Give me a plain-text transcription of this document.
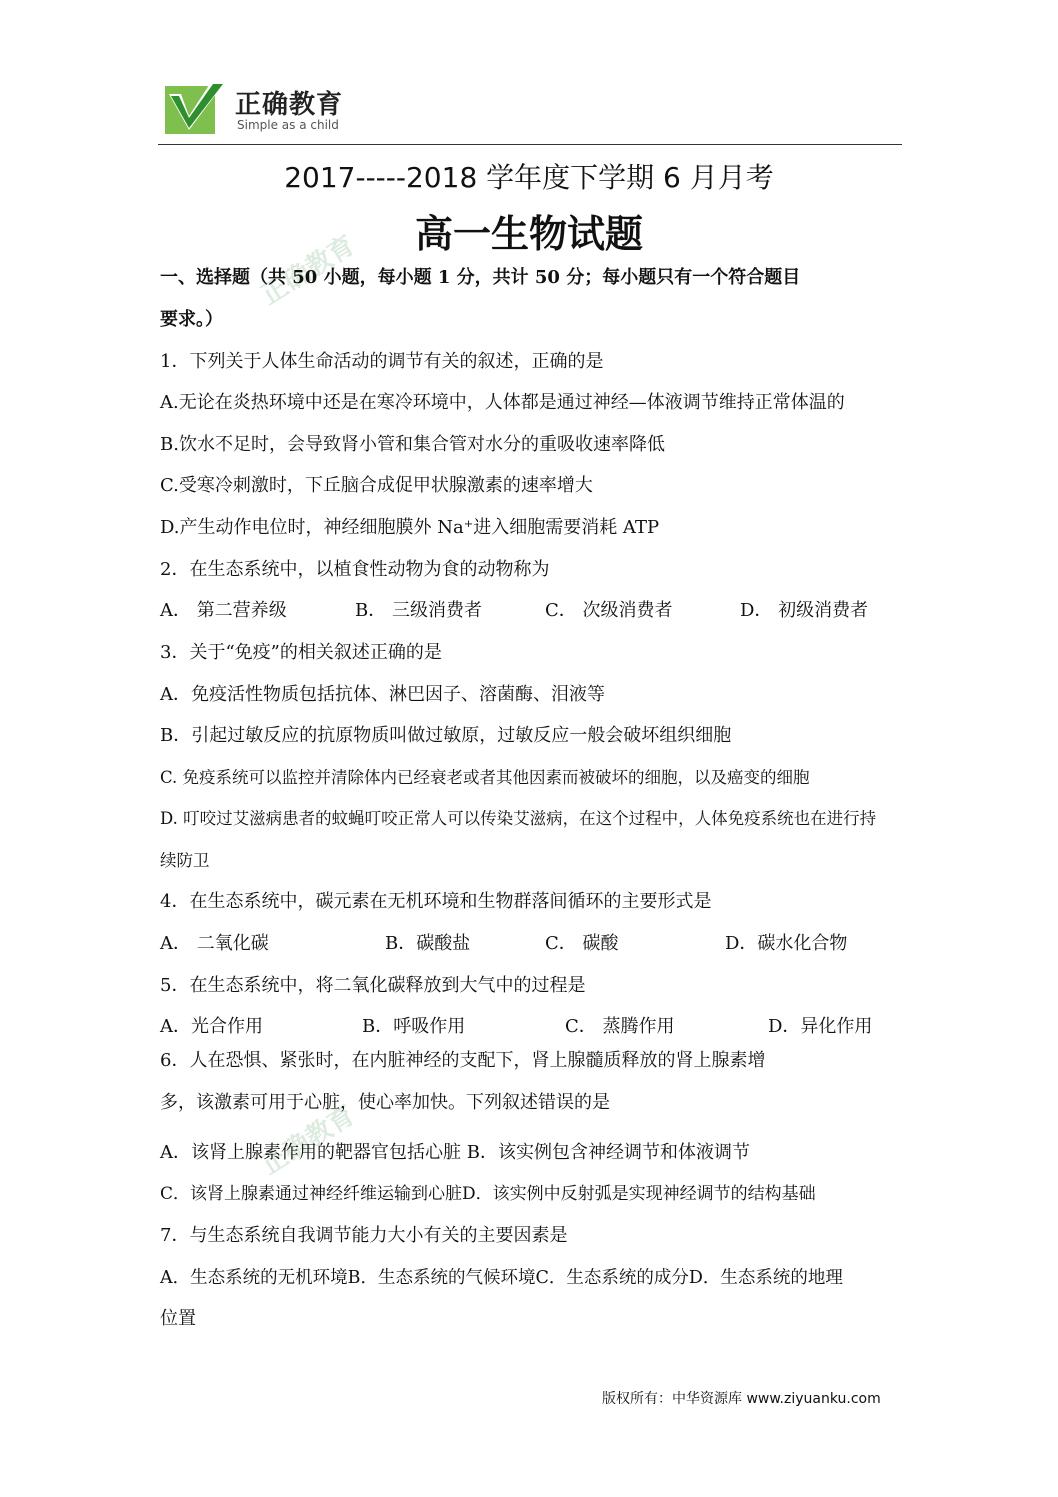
正确教育
Simple as a child
2017-----2018 学年度下学期 6 月月考
高一生物试题
正确教育
正确教育
一、选择题（共 50 小题，每小题 1 分，共计 50 分；每小题只有一个符合题目
要求。）
1．下列关于人体生命活动的调节有关的叙述，正确的是
A.无论在炎热环境中还是在寒冷环境中，人体都是通过神经—体液调节维持正常体温的
B.饮水不足时，会导致肾小管和集合管对水分的重吸收速率降低
C.受寒冷刺激时，下丘脑合成促甲状腺激素的速率增大
D.产生动作电位时，神经细胞膜外 Na⁺进入细胞需要消耗 ATP
2．在生态系统中，以植食性动物为食的动物称为
A． 第二营养级	B． 三级消费者	C． 次级消费者	D． 初级消费者
3．关于“免疫”的相关叙述正确的是
A．免疫活性物质包括抗体、淋巴因子、溶菌酶、泪液等
B．引起过敏反应的抗原物质叫做过敏原，过敏反应一般会破坏组织细胞
C. 免疫系统可以监控并清除体内已经衰老或者其他因素而被破坏的细胞，以及癌变的细胞
D. 叮咬过艾滋病患者的蚊蝇叮咬正常人可以传染艾滋病，在这个过程中，人体免疫系统也在进行持
续防卫
4．在生态系统中，碳元素在无机环境和生物群落间循环的主要形式是
A． 二氧化碳	B．碳酸盐	C． 碳酸	D．碳水化合物
5．在生态系统中，将二氧化碳释放到大气中的过程是
A．光合作用	B．呼吸作用	C． 蒸腾作用	D．异化作用
6．人在恐惧、紧张时，在内脏神经的支配下，肾上腺髓质释放的肾上腺素增
多，该激素可用于心脏，使心率加快。下列叙述错误的是
A．该肾上腺素作用的靶器官包括心脏 B．该实例包含神经调节和体液调节
C．该肾上腺素通过神经纤维运输到心脏D．该实例中反射弧是实现神经调节的结构基础
7．与生态系统自我调节能力大小有关的主要因素是
A．生态系统的无机环境B．生态系统的气候环境C．生态系统的成分D．生态系统的地理
位置
版权所有：中华资源库 www.ziyuanku.com
